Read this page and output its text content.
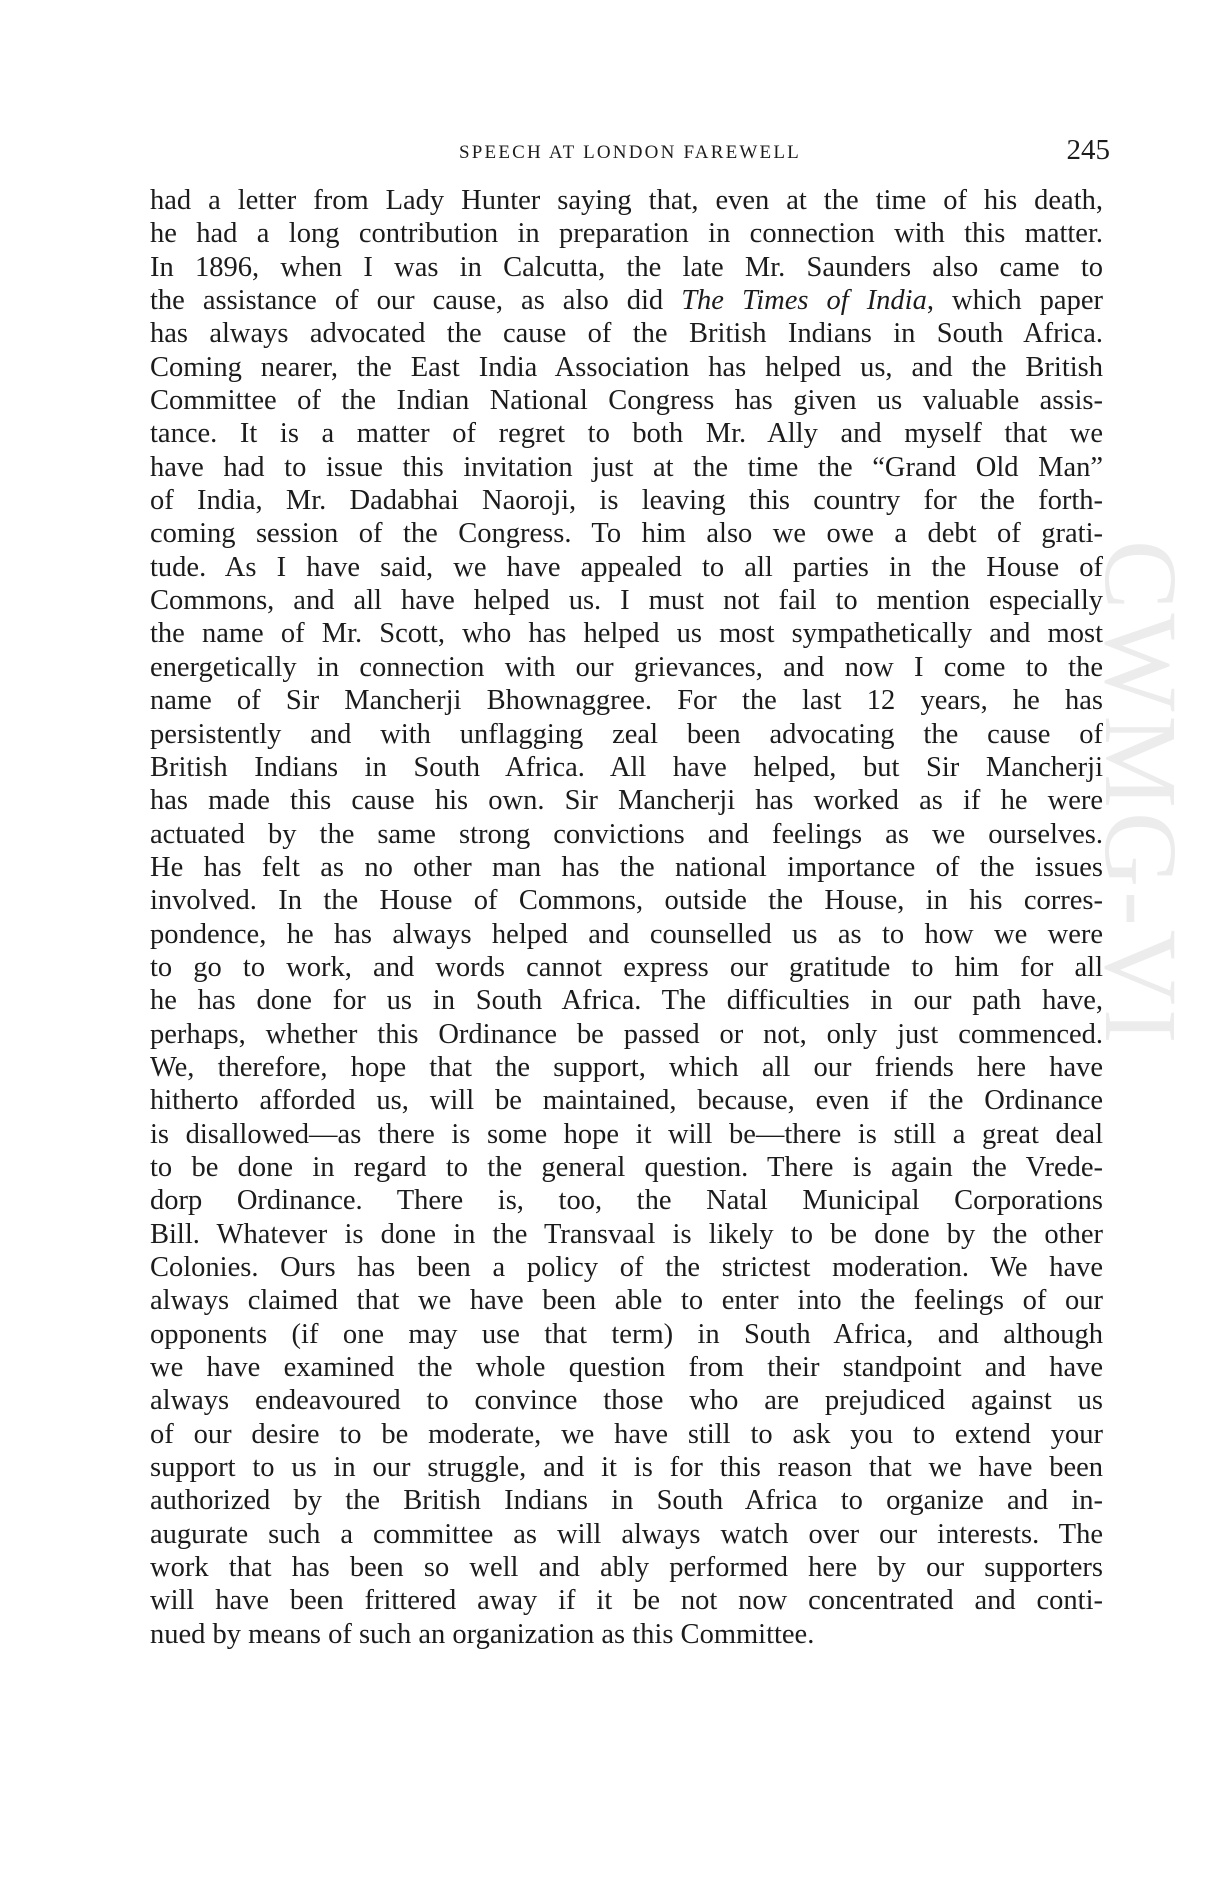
SPEECH AT LONDON FAREWELL	245
CWMG-VI
had a letter from Lady Hunter saying that, even at the time of his death,
he had a long contribution in preparation in connection with this matter.
In 1896, when I was in Calcutta, the late Mr. Saunders also came to
the assistance of our cause, as also did The Times of India, which paper
has always advocated the cause of the British Indians in South Africa.
Coming nearer, the East India Association has helped us, and the British
Committee of the Indian National Congress has given us valuable assis-
tance. It is a matter of regret to both Mr. Ally and myself that we
have had to issue this invitation just at the time the “Grand Old Man”
of India, Mr. Dadabhai Naoroji, is leaving this country for the forth-
coming session of the Congress. To him also we owe a debt of grati-
tude. As I have said, we have appealed to all parties in the House of
Commons, and all have helped us. I must not fail to mention especially
the name of Mr. Scott, who has helped us most sympathetically and most
energetically in connection with our grievances, and now I come to the
name of Sir Mancherji Bhownaggree. For the last 12 years, he has
persistently and with unflagging zeal been advocating the cause of
British Indians in South Africa. All have helped, but Sir Mancherji
has made this cause his own. Sir Mancherji has worked as if he were
actuated by the same strong convictions and feelings as we ourselves.
He has felt as no other man has the national importance of the issues
involved. In the House of Commons, outside the House, in his corres-
pondence, he has always helped and counselled us as to how we were
to go to work, and words cannot express our gratitude to him for all
he has done for us in South Africa. The difficulties in our path have,
perhaps, whether this Ordinance be passed or not, only just commenced.
We, therefore, hope that the support, which all our friends here have
hitherto afforded us, will be maintained, because, even if the Ordinance
is disallowed—as there is some hope it will be—there is still a great deal
to be done in regard to the general question. There is again the Vrede-
dorp Ordinance. There is, too, the Natal Municipal Corporations
Bill. Whatever is done in the Transvaal is likely to be done by the other
Colonies. Ours has been a policy of the strictest moderation. We have
always claimed that we have been able to enter into the feelings of our
opponents (if one may use that term) in South Africa, and although
we have examined the whole question from their standpoint and have
always endeavoured to convince those who are prejudiced against us
of our desire to be moderate, we have still to ask you to extend your
support to us in our struggle, and it is for this reason that we have been
authorized by the British Indians in South Africa to organize and in-
augurate such a committee as will always watch over our interests. The
work that has been so well and ably performed here by our supporters
will have been frittered away if it be not now concentrated and conti-
nued by means of such an organization as this Committee.
